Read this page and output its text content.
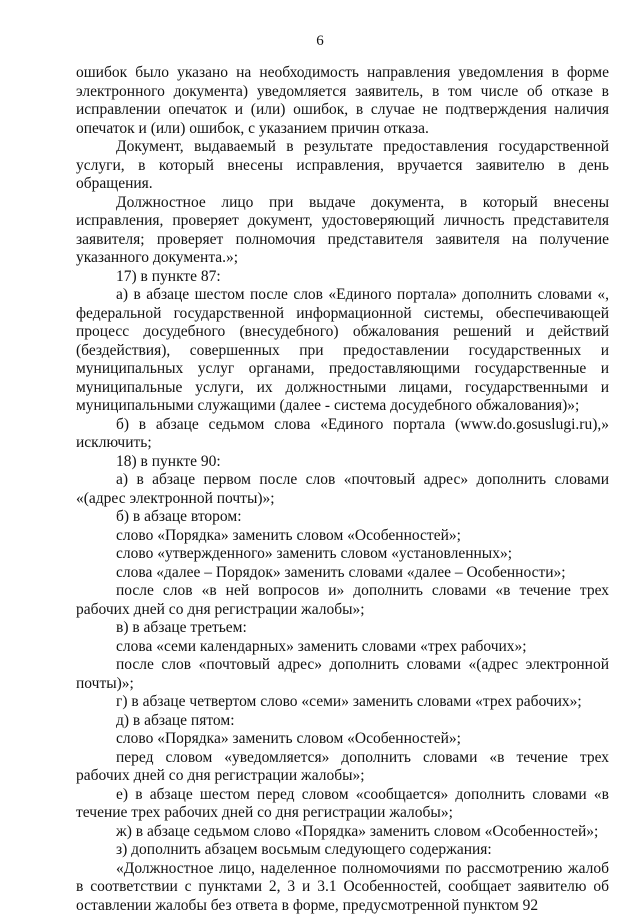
6

ошибок было указано на необходимость направления уведомления в форме электронного документа) уведомляется заявитель, в том числе об отказе в исправлении опечаток и (или) ошибок, в случае не подтверждения наличия опечаток и (или) ошибок, с указанием причин отказа.

Документ, выдаваемый в результате предоставления государственной услуги, в который внесены исправления, вручается заявителю в день обращения.

Должностное лицо при выдаче документа, в который внесены исправления, проверяет документ, удостоверяющий личность представителя заявителя; проверяет полномочия представителя заявителя на получение указанного документа.»;

17) в пункте 87:

а) в абзаце шестом после слов «Единого портала» дополнить словами «, федеральной государственной информационной системы, обеспечивающей процесс досудебного (внесудебного) обжалования решений и действий (бездействия), совершенных при предоставлении государственных и муниципальных услуг органами, предоставляющими государственные и муниципальные услуги, их должностными лицами, государственными и муниципальными служащими (далее - система досудебного обжалования)»;

б) в абзаце седьмом слова «Единого портала (www.do.gosuslugi.ru),» исключить;

18) в пункте 90:

а) в абзаце первом после слов «почтовый адрес» дополнить словами «(адрес электронной почты)»;

б) в абзаце втором:

слово «Порядка» заменить словом «Особенностей»;

слово «утвержденного» заменить словом «установленных»;

слова «далее – Порядок» заменить словами «далее – Особенности»;

после слов «в ней вопросов и» дополнить словами «в течение трех рабочих дней со дня регистрации жалобы»;

в) в абзаце третьем:

слова «семи календарных» заменить словами «трех рабочих»;

после слов «почтовый адрес» дополнить словами «(адрес электронной почты)»;

г) в абзаце четвертом слово «семи» заменить словами «трех рабочих»;

д) в абзаце пятом:

слово «Порядка» заменить словом «Особенностей»;

перед словом «уведомляется» дополнить словами «в течение трех рабочих дней со дня регистрации жалобы»;

е) в абзаце шестом перед словом «сообщается» дополнить словами «в течение трех рабочих дней со дня регистрации жалобы»;

ж) в абзаце седьмом слово «Порядка» заменить словом «Особенностей»;

з) дополнить абзацем восьмым следующего содержания:

«Должностное лицо, наделенное полномочиями по рассмотрению жалоб в соответствии с пунктами 2, 3 и 3.1 Особенностей, сообщает заявителю об оставлении жалобы без ответа в форме, предусмотренной пунктом 92
